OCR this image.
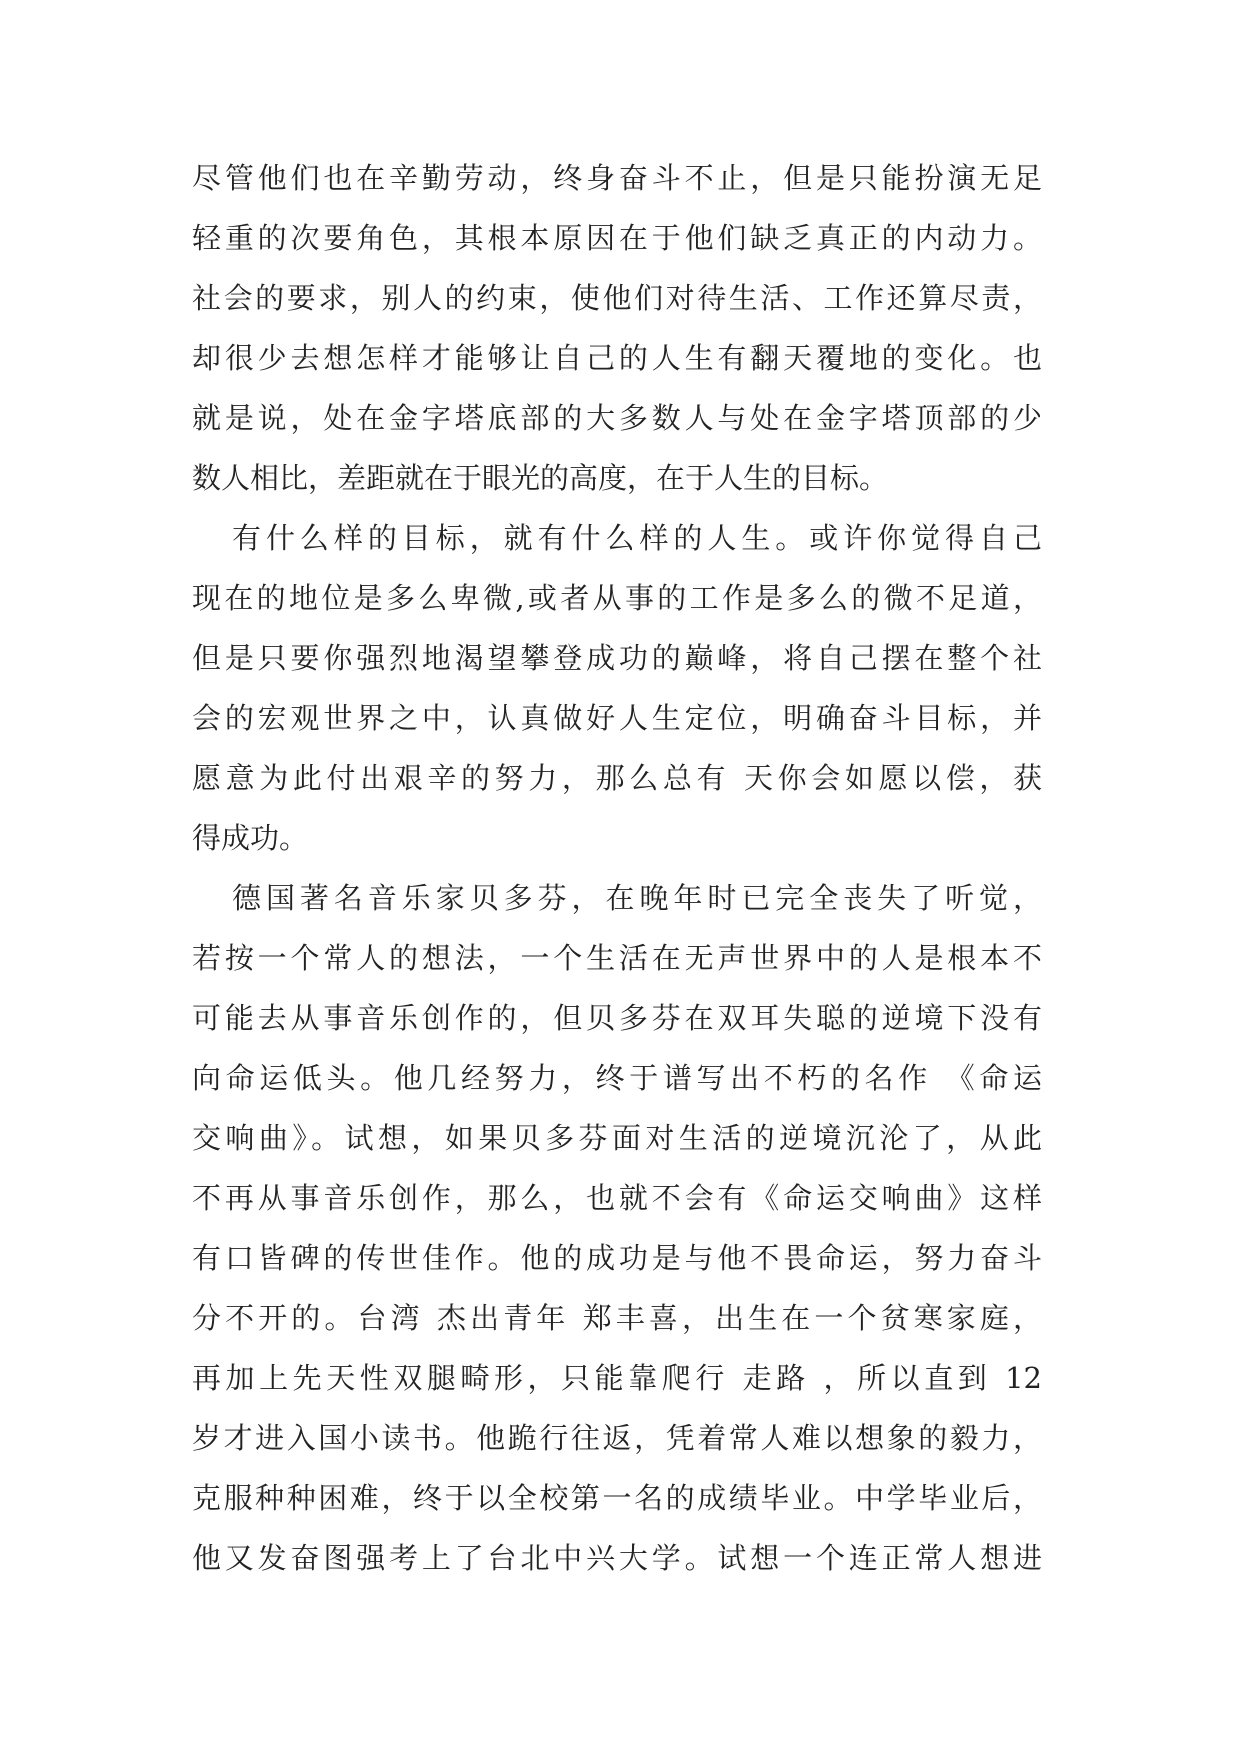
尽管他们也在辛勤劳动，终身奋斗不止，但是只能扮演无足
轻重的次要角色，其根本原因在于他们缺乏真正的内动力。
社会的要求，别人的约束，使他们对待生活、工作还算尽责，
却很少去想怎样才能够让自己的人生有翻天覆地的变化。也
就是说，处在金字塔底部的大多数人与处在金字塔顶部的少
数人相比，差距就在于眼光的高度，在于人生的目标。
有什么样的目标，就有什么样的人生。或许你觉得自己
现在的地位是多么卑微,或者从事的工作是多么的微不足道，
但是只要你强烈地渴望攀登成功的巅峰，将自己摆在整个社
会的宏观世界之中，认真做好人生定位，明确奋斗目标，并
愿意为此付出艰辛的努力，那么总有 天你会如愿以偿，获
得成功。
德国著名音乐家贝多芬，在晚年时已完全丧失了听觉，
若按一个常人的想法，一个生活在无声世界中的人是根本不
可能去从事音乐创作的，但贝多芬在双耳失聪的逆境下没有
向命运低头。他几经努力，终于谱写出不朽的名作 《命运
交响曲》。试想，如果贝多芬面对生活的逆境沉沦了，从此
不再从事音乐创作，那么，也就不会有《命运交响曲》这样
有口皆碑的传世佳作。他的成功是与他不畏命运，努力奋斗
分不开的。台湾 杰出青年 郑丰喜，出生在一个贫寒家庭，
再加上先天性双腿畸形，只能靠爬行 走路 ，所以直到 12
岁才进入国小读书。他跪行往返，凭着常人难以想象的毅力，
克服种种困难，终于以全校第一名的成绩毕业。中学毕业后，
他又发奋图强考上了台北中兴大学。试想一个连正常人想进
